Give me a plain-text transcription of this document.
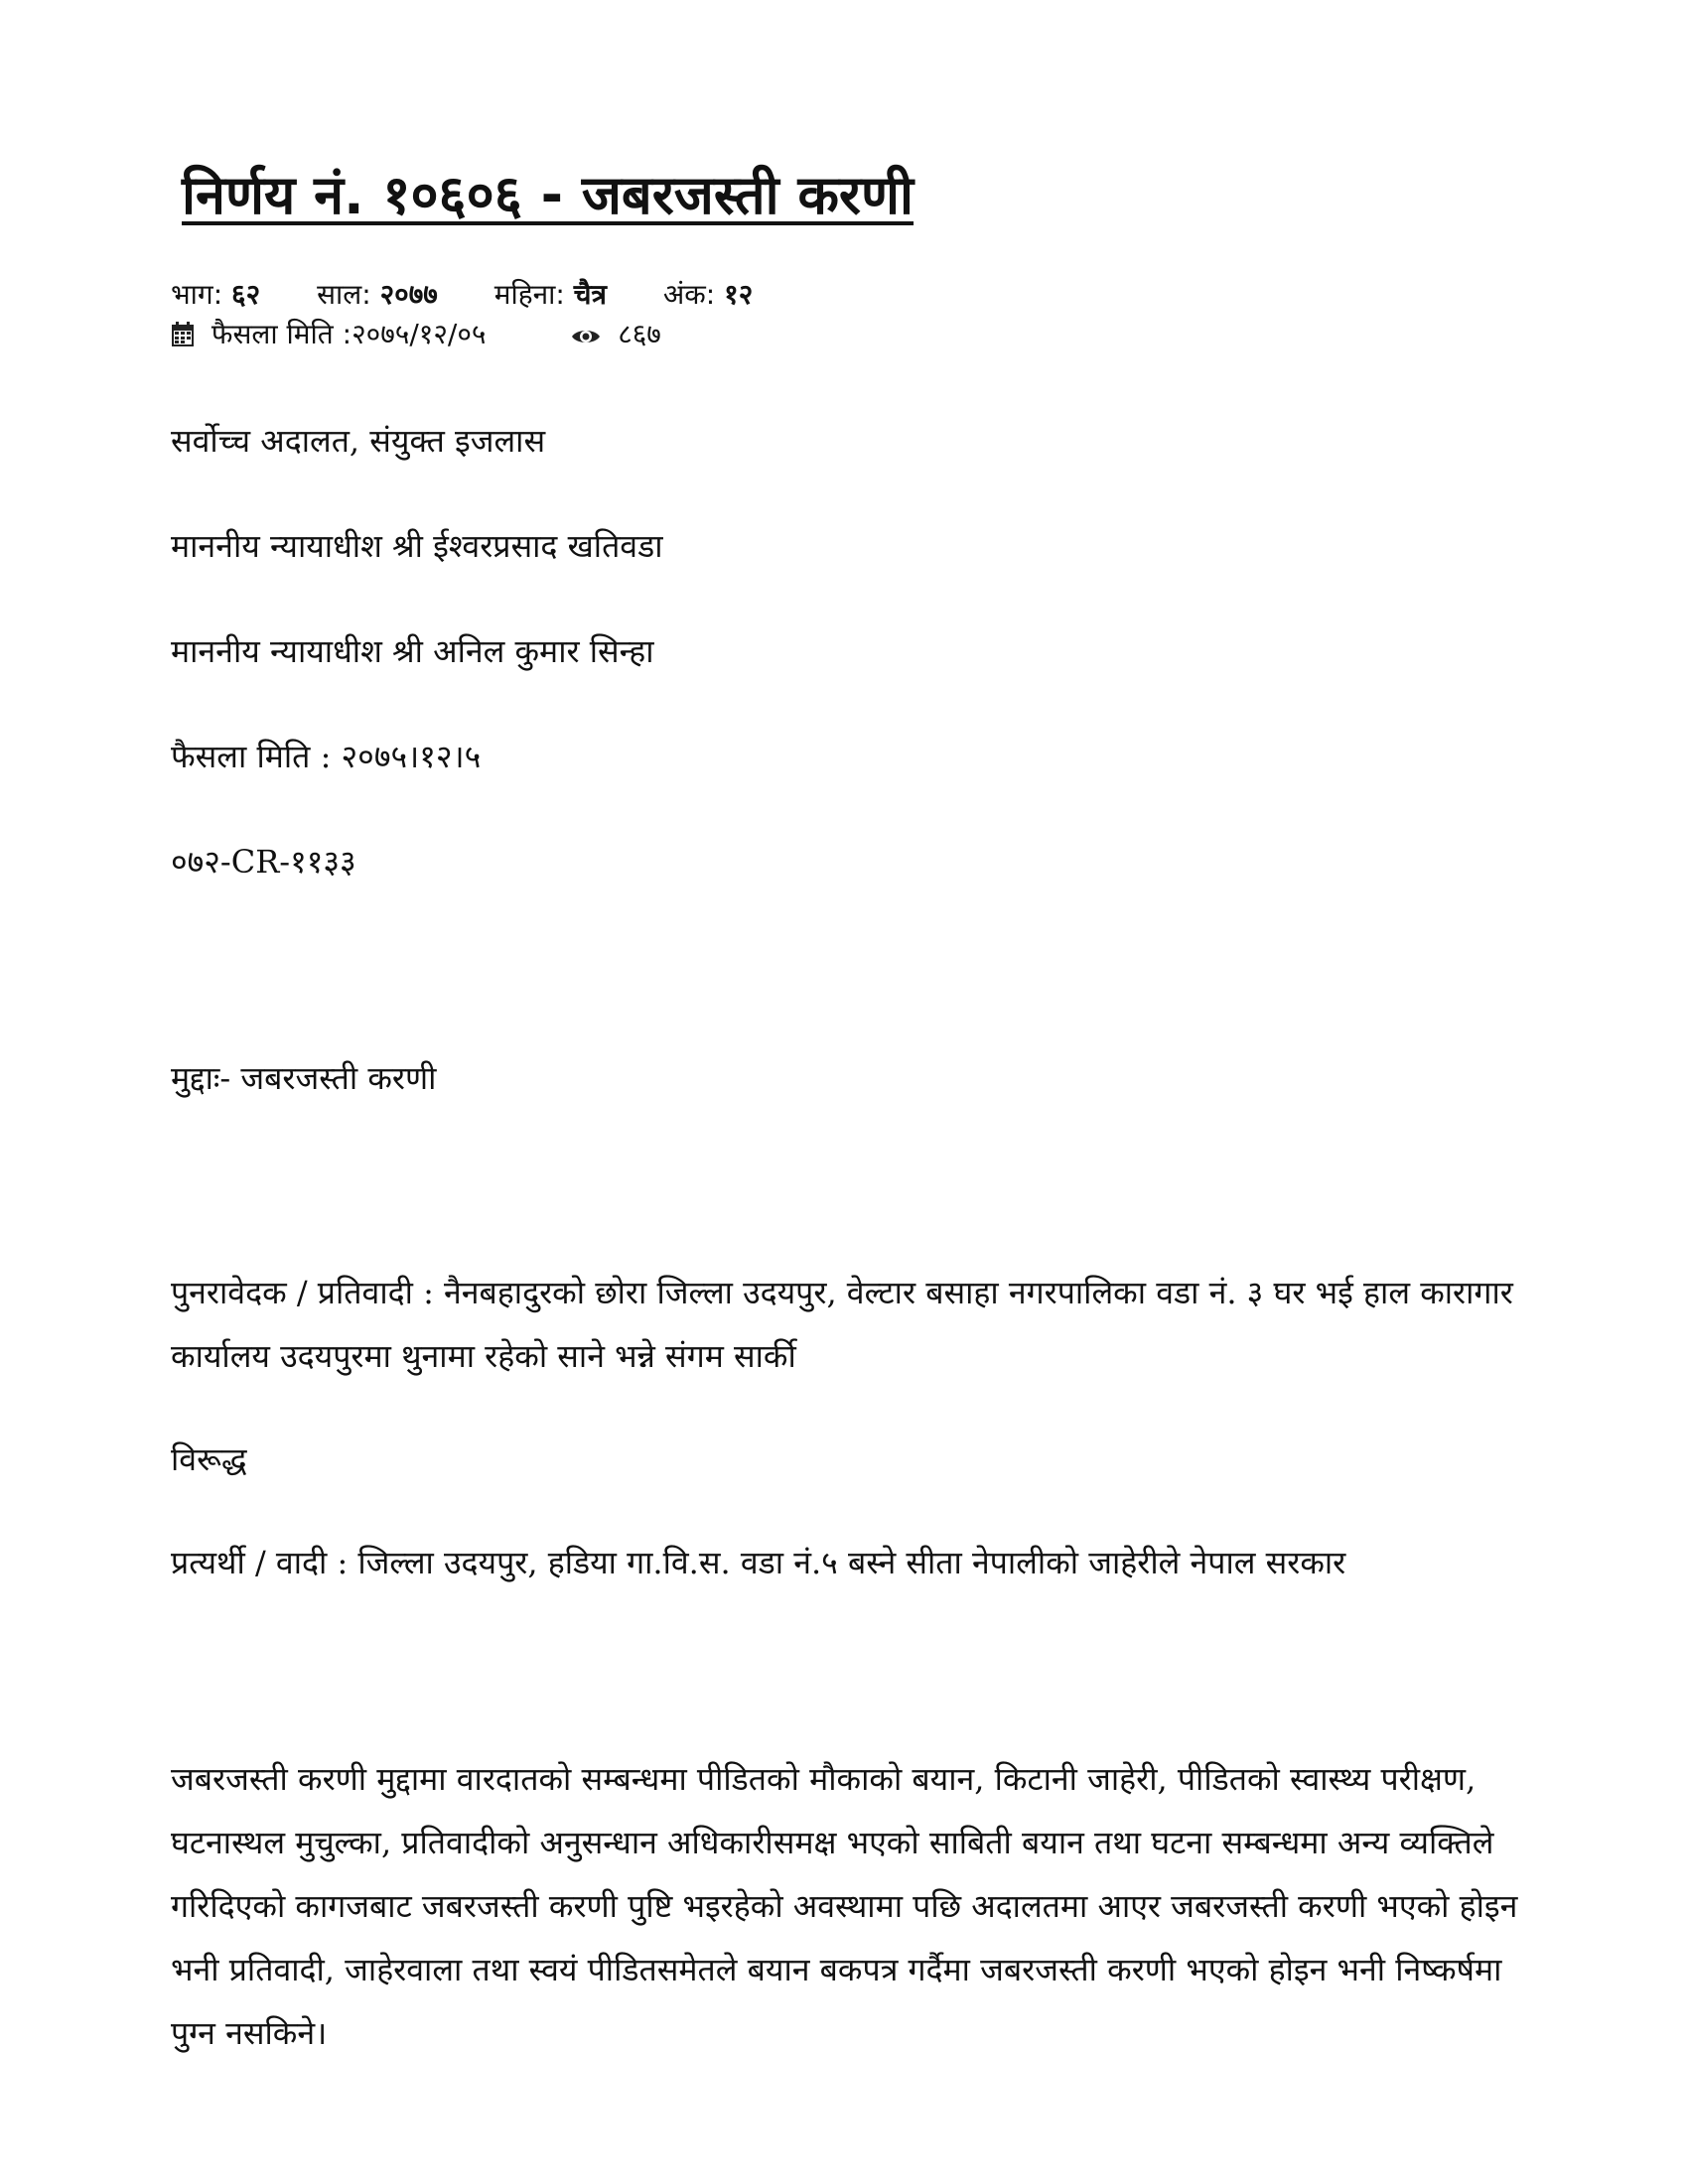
निर्णय नं. १०६०६ - जबरजस्ती करणी
भाग: ६२ साल: २०७७ महिना: चैत्र अंक: १२
फैसला मिति :२०७५/१२/०५	८६७

सर्वोच्च अदालत, संयुक्त इजलास

माननीय न्यायाधीश श्री ईश्वरप्रसाद खतिवडा

माननीय न्यायाधीश श्री अनिल कुमार सिन्हा

फैसला मिति : २०७५।१२।५

०७२-CR-११३३

मुद्दाः- जबरजस्ती करणी

पुनरावेदक / प्रतिवादी : नैनबहादुरको छोरा जिल्ला उदयपुर, वेल्टार बसाहा नगरपालिका वडा नं. ३ घर भई हाल कारागार कार्यालय उदयपुरमा थुनामा रहेको साने भन्ने संगम सार्की

विरूद्ध

प्रत्यर्थी / वादी : जिल्ला उदयपुर, हडिया गा.वि.स. वडा नं.५ बस्ने सीता नेपालीको जाहेरीले नेपाल सरकार

जबरजस्ती करणी मुद्दामा वारदातको सम्बन्धमा पीडितको मौकाको बयान, किटानी जाहेरी, पीडितको स्वास्थ्य परीक्षण, घटनास्थल मुचुल्का, प्रतिवादीको अनुसन्धान अधिकारीसमक्ष भएको साबिती बयान तथा घटना सम्बन्धमा अन्य व्यक्तिले गरिदिएको कागजबाट जबरजस्ती करणी पुष्टि भइरहेको अवस्थामा पछि अदालतमा आएर जबरजस्ती करणी भएको होइन भनी प्रतिवादी, जाहेरवाला तथा स्वयं पीडितसमेतले बयान बकपत्र गर्दैमा जबरजस्ती करणी भएको होइन भनी निष्कर्षमा पुग्न नसकिने।
